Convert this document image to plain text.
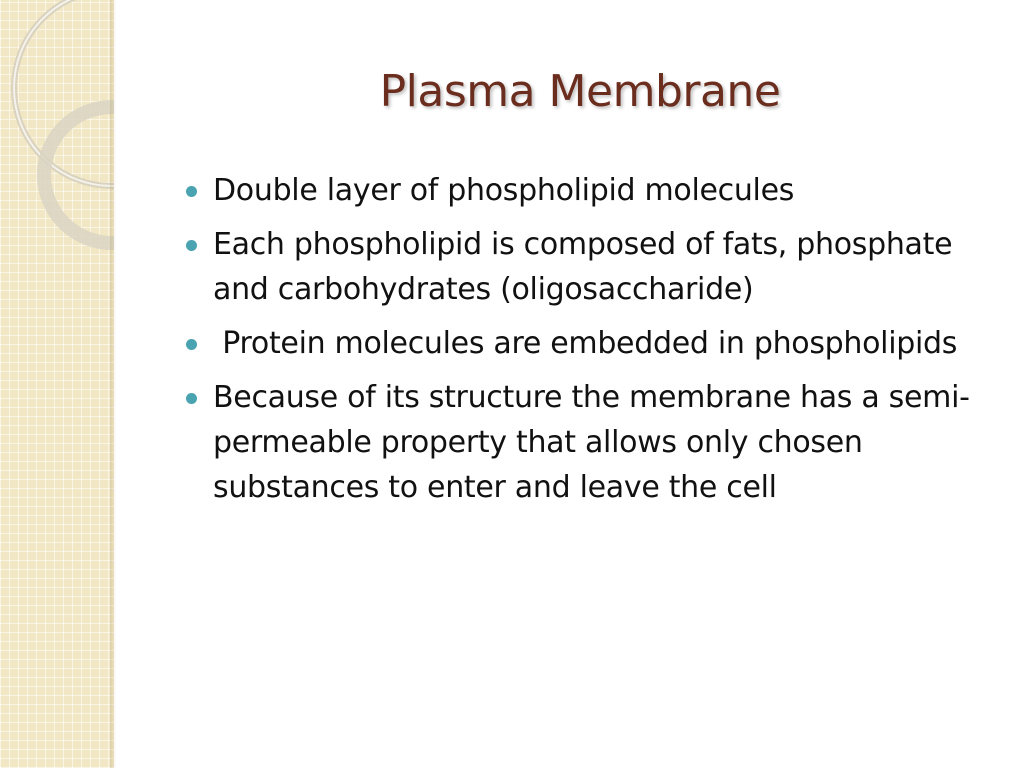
Plasma Membrane
Double layer of phospholipid molecules
Each phospholipid is composed of fats, phosphate and carbohydrates (oligosaccharide)
Protein molecules are embedded in phospholipids
Because of its structure the membrane has a semi-permeable property that allows only chosen substances to enter and leave the cell
